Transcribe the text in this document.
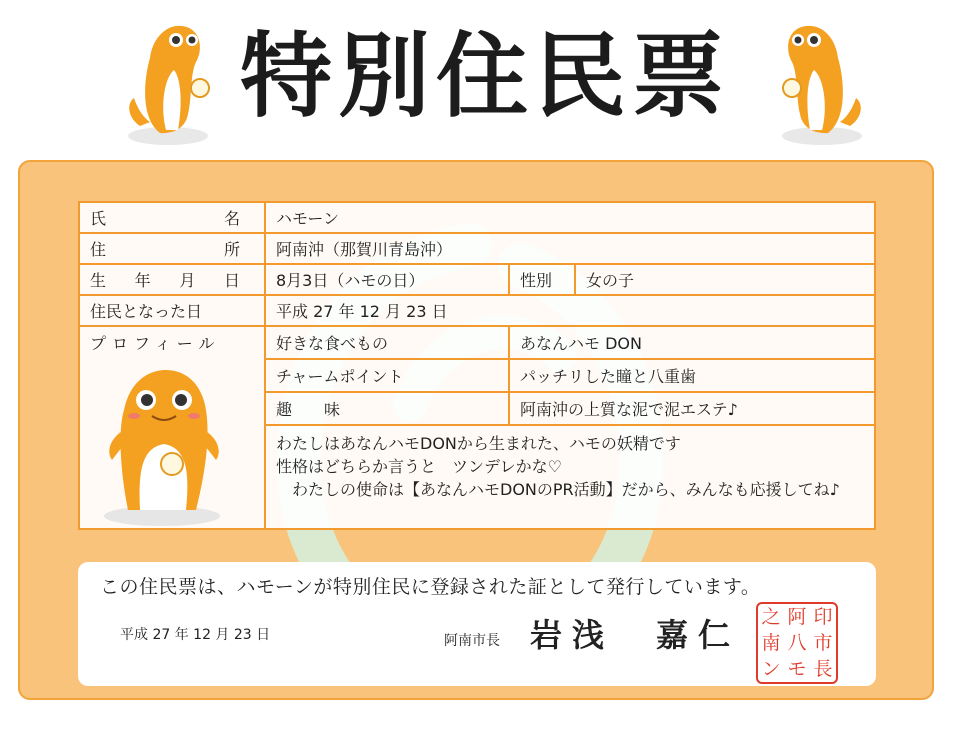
特別住民票
氏 名	ハモーン		

住 所	阿南沖（那賀川青島沖）		

生 年 月 日	8月3日（ハモの日）	性別	女の子
住民となった日	平成 27 年 12 月 23 日		

プロフィール	好きな食べもの	あなんハモ DON	
	チャームポイント	パッチリした瞳と八重歯	
	趣　　味	阿南沖の上質な泥で泥エステ♪	

	わたしはあなんハモDONから生まれた、ハモの妖精です
性格はどちらか言うと　ツンデレかな♡
　わたしの使命は【あなんハモDONのPR活動】だから、みんなも応援してね♪		
この住民票は、ハモーンが特別住民に登録された証として発行しています。
平成 27 年 12 月 23 日	阿南市長 岩浅　嘉仁 之 阿 印
南 八 市
ン モ 長
